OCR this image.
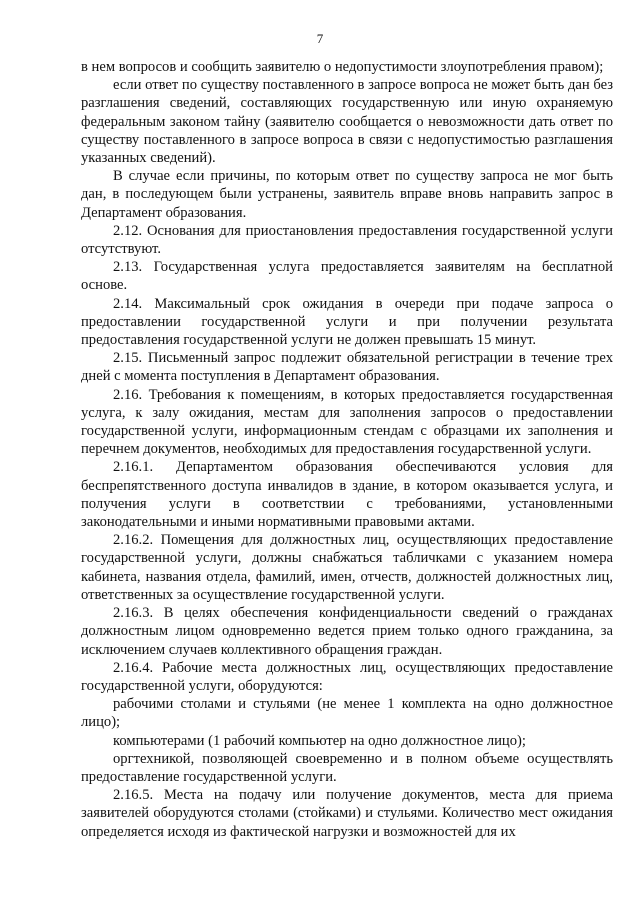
7

в нем вопросов и сообщить заявителю о недопустимости злоупотребления правом);

если ответ по существу поставленного в запросе вопроса не может быть дан без разглашения сведений, составляющих государственную или иную охраняемую федеральным законом тайну (заявителю сообщается о невозможности дать ответ по существу поставленного в запросе вопроса в связи с недопустимостью разглашения указанных сведений).

В случае если причины, по которым ответ по существу запроса не мог быть дан, в последующем были устранены, заявитель вправе вновь направить запрос в Департамент образования.

2.12. Основания для приостановления предоставления государственной услуги отсутствуют.

2.13. Государственная услуга предоставляется заявителям на бесплатной основе.

2.14. Максимальный срок ожидания в очереди при подаче запроса о предоставлении государственной услуги и при получении результата предоставления государственной услуги не должен превышать 15 минут.

2.15. Письменный запрос подлежит обязательной регистрации в течение трех дней с момента поступления в Департамент образования.

2.16. Требования к помещениям, в которых предоставляется государственная услуга, к залу ожидания, местам для заполнения запросов о предоставлении государственной услуги, информационным стендам с образцами их заполнения и перечнем документов, необходимых для предоставления государственной услуги.

2.16.1. Департаментом образования обеспечиваются условия для беспрепятственного доступа инвалидов в здание, в котором оказывается услуга, и получения услуги в соответствии с требованиями, установленными законодательными и иными нормативными правовыми актами.

2.16.2. Помещения для должностных лиц, осуществляющих предоставление государственной услуги, должны снабжаться табличками с указанием номера кабинета, названия отдела, фамилий, имен, отчеств, должностей должностных лиц, ответственных за осуществление государственной услуги.

2.16.3. В целях обеспечения конфиденциальности сведений о гражданах должностным лицом одновременно ведется прием только одного гражданина, за исключением случаев коллективного обращения граждан.

2.16.4. Рабочие места должностных лиц, осуществляющих предоставление государственной услуги, оборудуются:

рабочими столами и стульями (не менее 1 комплекта на одно должностное лицо);

компьютерами (1 рабочий компьютер на одно должностное лицо);

оргтехникой, позволяющей своевременно и в полном объеме осуществлять предоставление государственной услуги.

2.16.5. Места на подачу или получение документов, места для приема заявителей оборудуются столами (стойками) и стульями. Количество мест ожидания определяется исходя из фактической нагрузки и возможностей для их
